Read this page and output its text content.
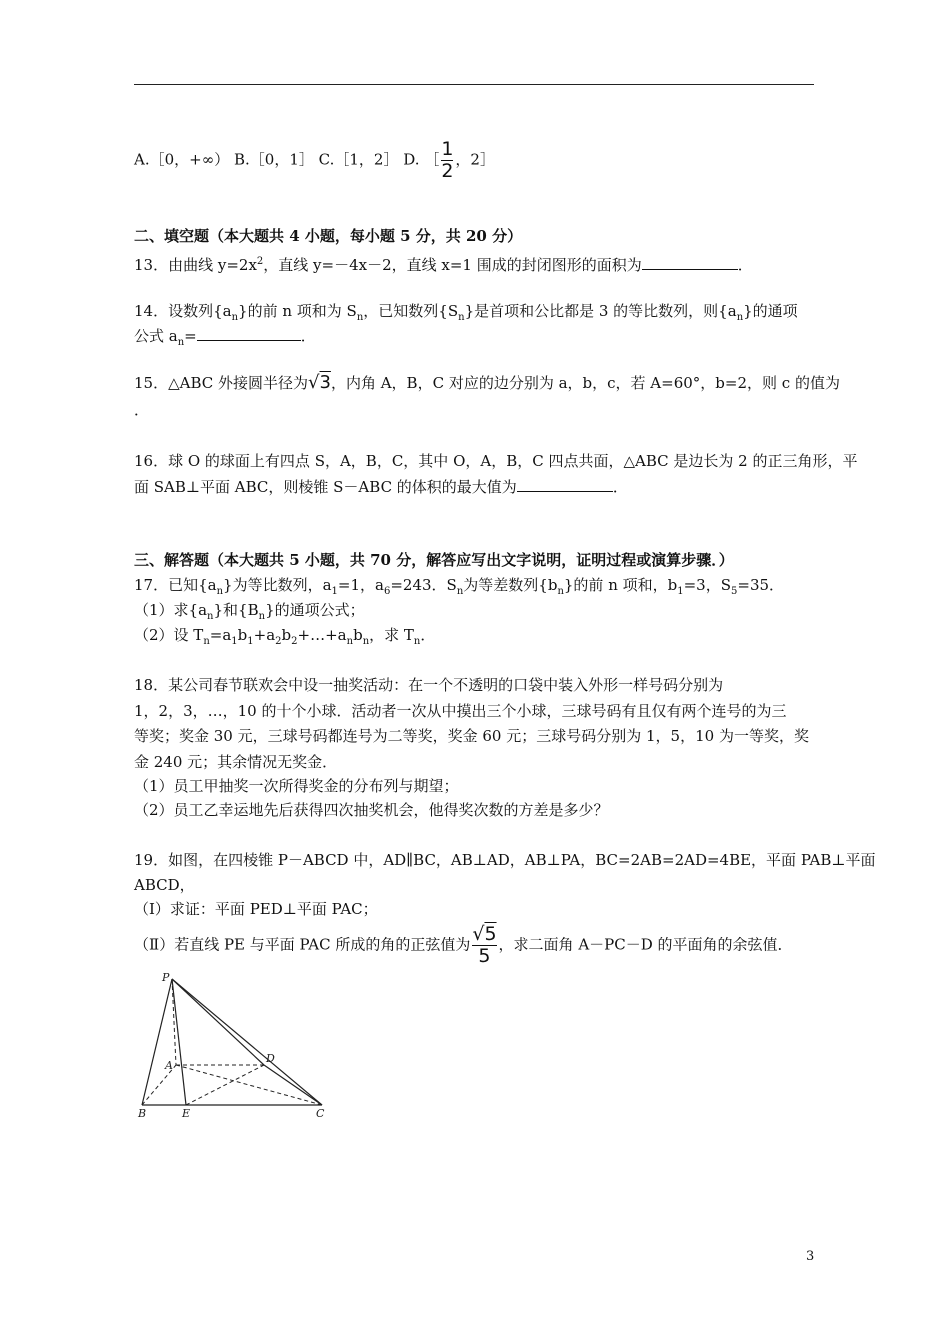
A.［0，+∞） B.［0，1］ C.［1，2］ D. ［ $\frac{1}{2}$ ，2］
二、填空题（本大题共 4 小题，每小题 5 分，共 20 分）
13．由曲线 $y=2x^2$，直线 y=－4x－2，直线 x=1 围成的封闭图形的面积为	．
14．设数列$\{a_n\}$的前 n 项和为 $S_n$，已知数列$\{S_n\}$是首项和公比都是 3 的等比数列，则$\{a_n\}$的通项
公式 $a_n=$	．
15．△ABC 外接圆半径为√3，内角 A，B，C 对应的边分别为 a，b，c，若 A=60°，b=2，则 c 的值为
．
16．球 O 的球面上有四点 S，A，B，C，其中 O，A，B，C 四点共面，△ABC 是边长为 2 的正三角形，平
面 SAB⊥平面 ABC，则棱锥 S－ABC 的体积的最大值为	．
三、解答题（本大题共 5 小题，共 70 分，解答应写出文字说明，证明过程或演算步骤．）
17．已知$\{a_n\}$为等比数列，$a_1=1$，$a_6=243$．$S_n$为等差数列$\{b_n\}$的前 n 项和，$b_1=3$，$S_5=35$．
（1）求$\{a_n\}$和$\{B_n\}$的通项公式；
（2）设 $T_n=a_1b_1+a_2b_2+\dots+a_nb_n$，求 $T_n$．
18．某公司春节联欢会中设一抽奖活动：在一个不透明的口袋中装入外形一样号码分别为
1，2，3，…，10 的十个小球．活动者一次从中摸出三个小球，三球号码有且仅有两个连号的为三
等奖；奖金 30 元，三球号码都连号为二等奖，奖金 60 元；三球号码分别为 1，5，10 为一等奖，奖
金 240 元；其余情况无奖金．
（1）员工甲抽奖一次所得奖金的分布列与期望；
（2）员工乙幸运地先后获得四次抽奖机会，他得奖次数的方差是多少？
19．如图，在四棱锥 P－ABCD 中，AD∥BC，AB⊥AD，AB⊥PA，BC=2AB=2AD=4BE，平面 PAB⊥平面
ABCD，
（Ⅰ）求证：平面 PED⊥平面 PAC；
（Ⅱ）若直线 PE 与平面 PAC 所成的角的正弦值为 $\frac{√5}{5}$ ，求二面角 A－PC－D 的平面角的余弦值．
P
A
B	E	C
D
3
